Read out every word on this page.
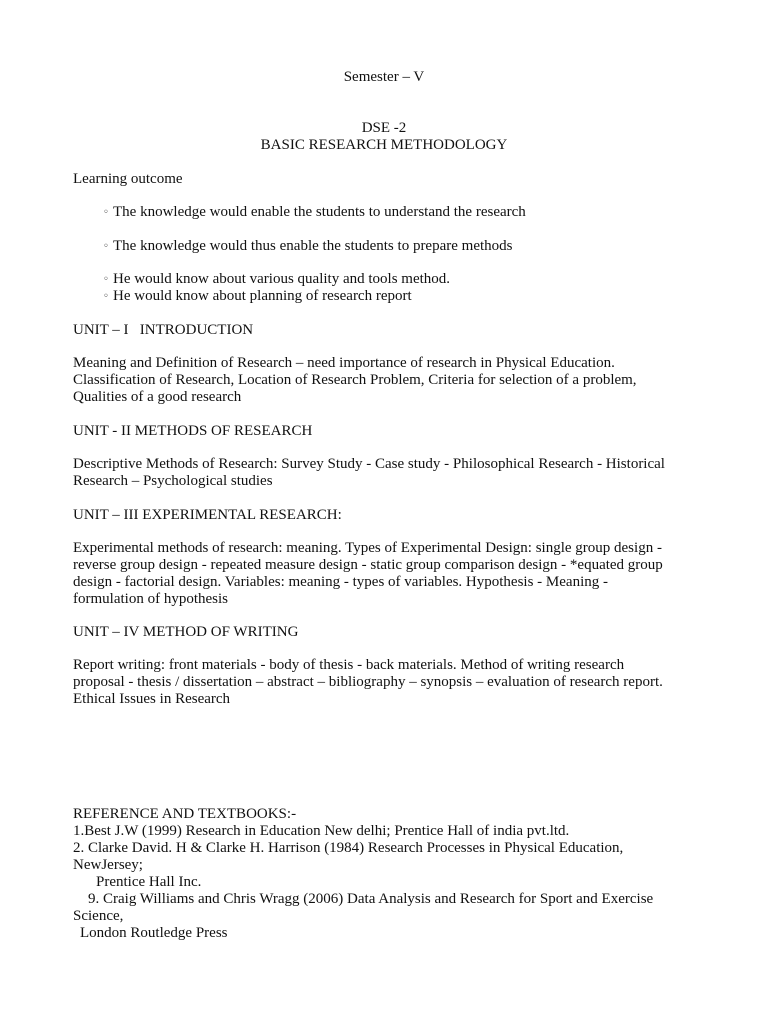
Semester – V
DSE -2
BASIC RESEARCH METHODOLOGY
Learning outcome
◦ The knowledge would enable the students to understand the research
◦ The knowledge would thus enable the students to prepare methods
◦ He would know about various quality and tools method.
◦ He would know about planning of research report
UNIT – I   INTRODUCTION

Meaning and Definition of Research – need importance of research in Physical Education.

Classification of Research, Location of Research Problem, Criteria for selection of a problem,

Qualities of a good research

UNIT - II METHODS OF RESEARCH

Descriptive Methods of Research: Survey Study - Case study - Philosophical Research - Historical

Research – Psychological studies

UNIT – III EXPERIMENTAL RESEARCH:

Experimental methods of research: meaning. Types of Experimental Design: single group design -

reverse group design - repeated measure design - static group comparison design - *equated group

design - factorial design. Variables: meaning - types of variables. Hypothesis - Meaning -

formulation of hypothesis

UNIT – IV METHOD OF WRITING

Report writing: front materials - body of thesis - back materials. Method of writing research

proposal - thesis / dissertation – abstract – bibliography – synopsis – evaluation of research report.

Ethical Issues in Research

REFERENCE AND TEXTBOOKS:-

1.Best J.W (1999) Research in Education New delhi; Prentice Hall of india pvt.ltd.

2. Clarke David. H & Clarke H. Harrison (1984) Research Processes in Physical Education,

NewJersey;

Prentice Hall Inc.

9. Craig Williams and Chris Wragg (2006) Data Analysis and Research for Sport and Exercise

Science,

London Routledge Press
